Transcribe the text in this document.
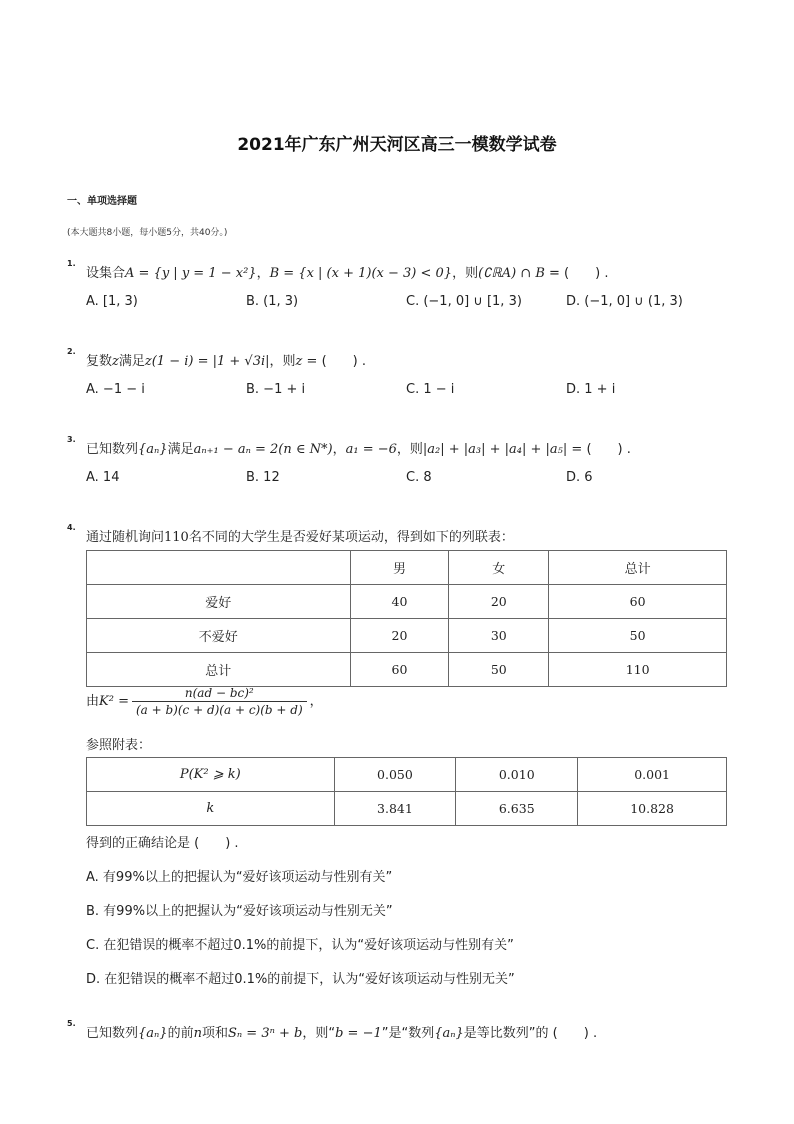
2021年广东广州天河区高三一模数学试卷
一、单项选择题
(本大题共8小题，每小题5分，共40分。)
1.
设集合A = {y | y = 1 − x²}，B = {x | (x + 1)(x − 3) < 0}，则(∁ℝA) ∩ B = (　　) .
A. [1, 3)	B. (1, 3)	C. (−1, 0] ∪ [1, 3)	D. (−1, 0] ∪ (1, 3)
2.
复数z满足z(1 − i) = |1 + √3i|，则z = (　　) .
A. −1 − i	B. −1 + i	C. 1 − i	D. 1 + i
3.
已知数列{aₙ}满足aₙ₊₁ − aₙ = 2(n ∈ N*)，a₁ = −6，则|a₂| + |a₃| + |a₄| + |a₅| = (　　) .
A. 14	B. 12	C. 8	D. 6
4.
通过随机询问110名不同的大学生是否爱好某项运动，得到如下的列联表：
	男	女	总计
爱好	40	20	60
不爱好	20	30	50
总计	60	50	110
由$K^2 = \frac{\text{n(ad − bc)²}}{(a + b)(c + d)(a + c)(b + d)}$ ，
参照附表：
P(K² ⩾ k)	0.050	0.010	0.001
k	3.841	6.635	10.828
得到的正确结论是 (　　) .
A. 有99%以上的把握认为“爱好该项运动与性别有关”
B. 有99%以上的把握认为“爱好该项运动与性别无关”
C. 在犯错误的概率不超过0.1%的前提下，认为“爱好该项运动与性别有关”
D. 在犯错误的概率不超过0.1%的前提下，认为“爱好该项运动与性别无关”
5.
已知数列{aₙ}的前n项和Sₙ = 3ⁿ + b，则“b = −1”是“数列{aₙ}是等比数列”的 (　　) .
